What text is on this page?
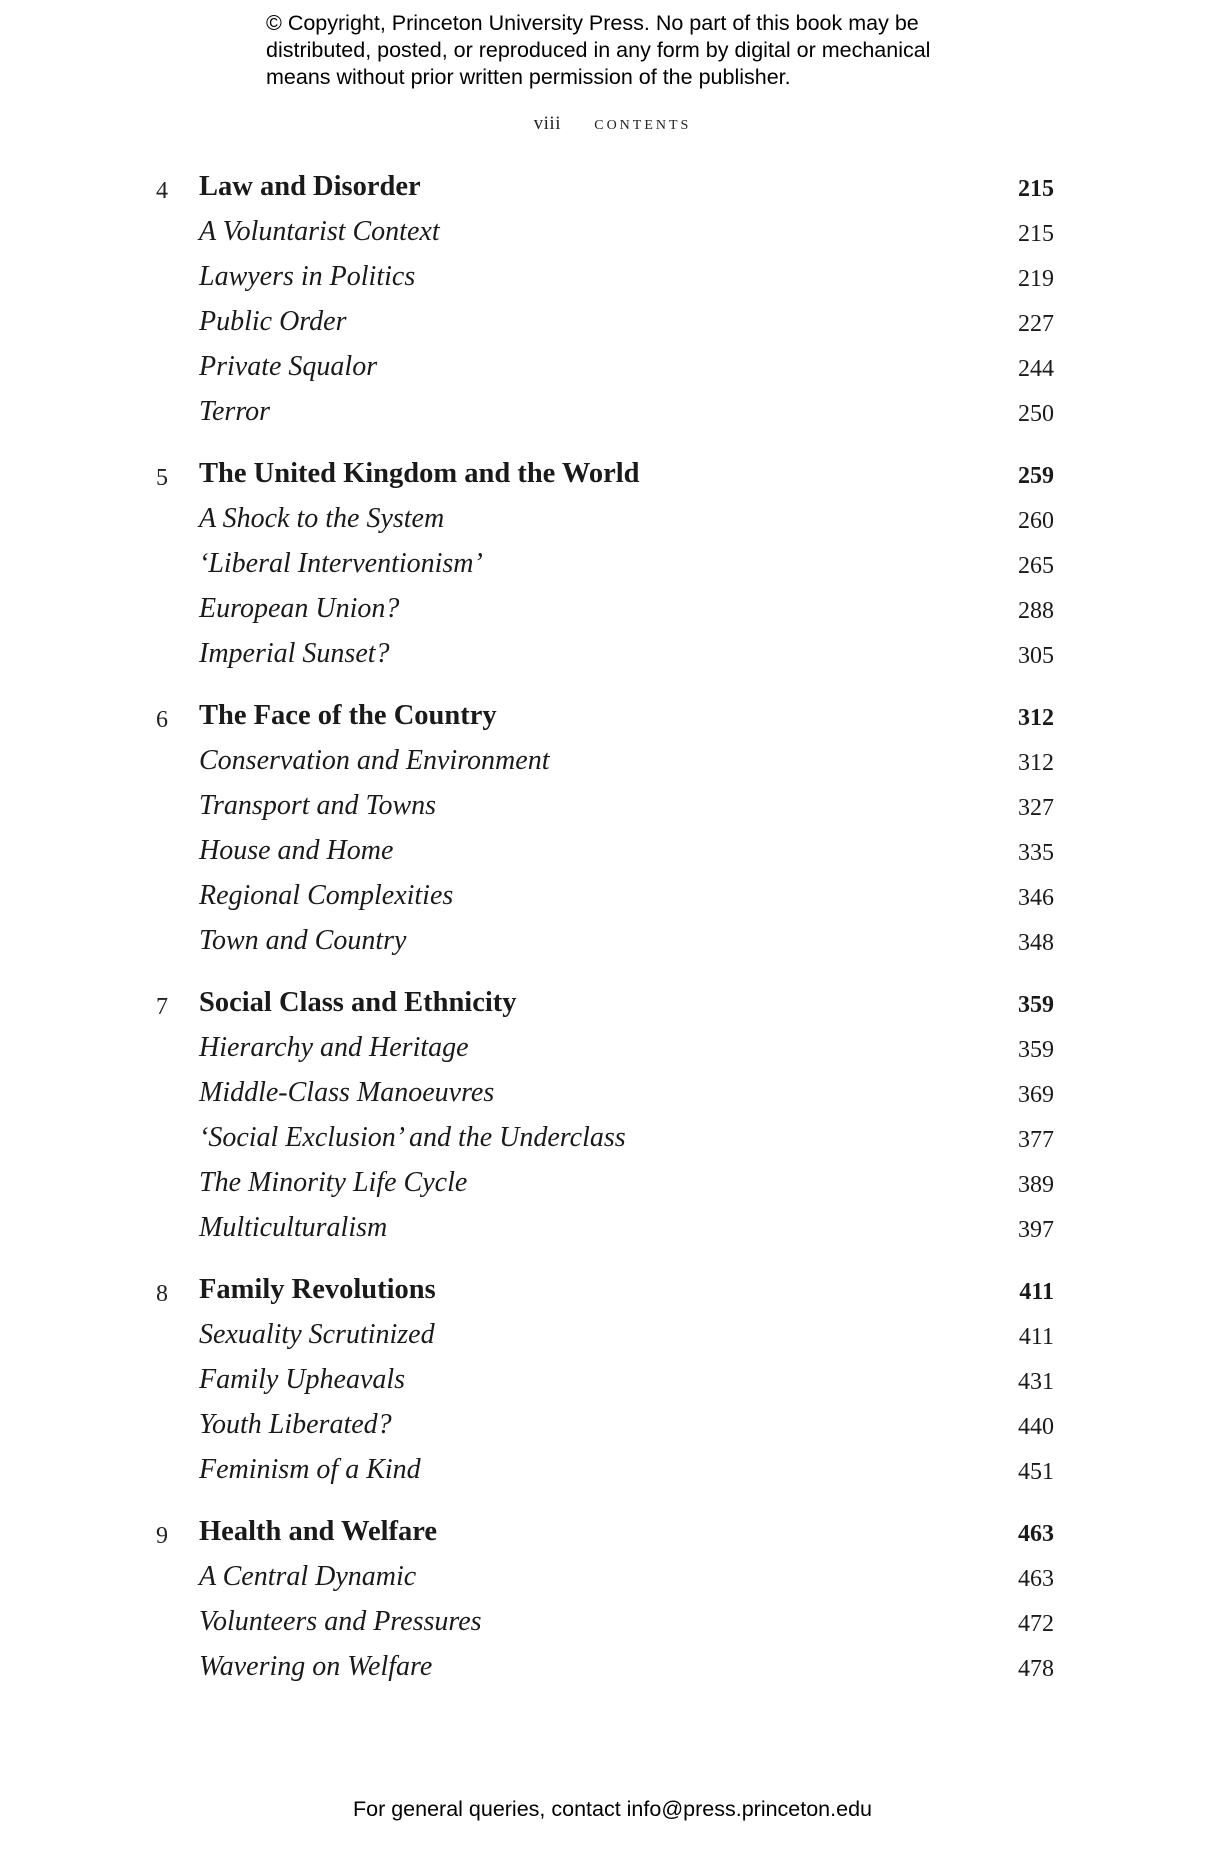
© Copyright, Princeton University Press. No part of this book may be
distributed, posted, or reproduced in any form by digital or mechanical
means without prior written permission of the publisher.
viii contents
4 Law and Disorder	215
A Voluntarist Context	215
Lawyers in Politics	219
Public Order	227
Private Squalor	244
Terror	250
5 The United Kingdom and the World	259
A Shock to the System	260
‘Liberal Interventionism’	265
European Union?	288
Imperial Sunset?	305
6 The Face of the Country	312
Conservation and Environment	312
Transport and Towns	327
House and Home	335
Regional Complexities	346
Town and Country	348
7 Social Class and Ethnicity	359
Hierarchy and Heritage	359
Middle-Class Manoeuvres	369
‘Social Exclusion’ and the Underclass	377
The Minority Life Cycle	389
Multiculturalism	397
8 Family Revolutions	411
Sexuality Scrutinized	411
Family Upheavals	431
Youth Liberated?	440
Feminism of a Kind	451
9 Health and Welfare	463
A Central Dynamic	463
Volunteers and Pressures	472
Wavering on Welfare	478
For general queries, contact info@press.princeton.edu
